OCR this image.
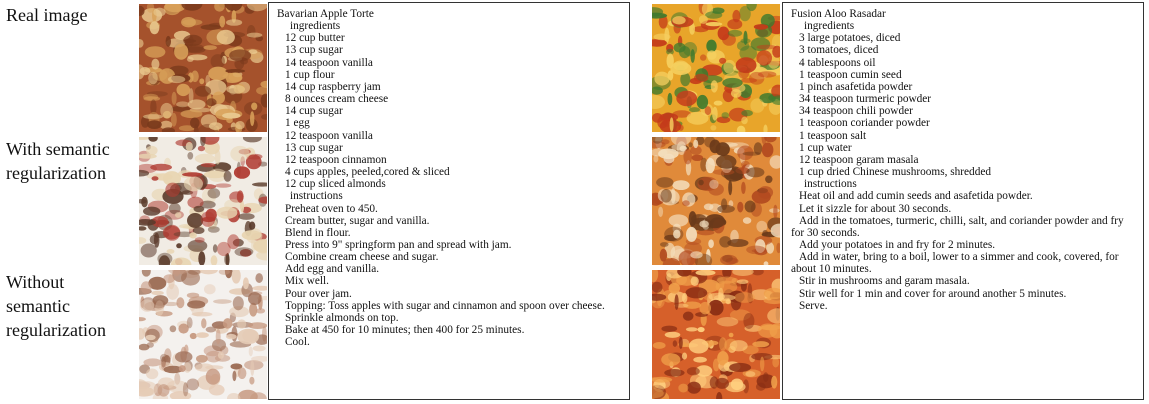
Real image
With semantic
regularization
Without
semantic
regularization
Bavarian Apple Torte
ingredients
12 cup butter
13 cup sugar
14 teaspoon vanilla
1 cup flour
14 cup raspberry jam
8 ounces cream cheese
14 cup sugar
1 egg
12 teaspoon vanilla
13 cup sugar
12 teaspoon cinnamon
4 cups apples, peeled,cored & sliced
12 cup sliced almonds
instructions
Preheat oven to 450.
Cream butter, sugar and vanilla.
Blend in flour.
Press into 9" springform pan and spread with jam.
Combine cream cheese and sugar.
Add egg and vanilla.
Mix well.
Pour over jam.
Topping: Toss apples with sugar and cinnamon and spoon over cheese.
Sprinkle almonds on top.
Bake at 450 for 10 minutes; then 400 for 25 minutes.
Cool.
Fusion Aloo Rasadar
ingredients
3 large potatoes, diced
3 tomatoes, diced
4 tablespoons oil
1 teaspoon cumin seed
1 pinch asafetida powder
34 teaspoon turmeric powder
34 teaspoon chili powder
1 teaspoon coriander powder
1 teaspoon salt
1 cup water
12 teaspoon garam masala
1 cup dried Chinese mushrooms, shredded
instructions
Heat oil and add cumin seeds and asafetida powder.
Let it sizzle for about 30 seconds.
Add in the tomatoes, turmeric, chilli, salt, and coriander powder and fry for 30 seconds.
Add your potatoes in and fry for 2 minutes.
Add in water, bring to a boil, lower to a simmer and cook, covered, for about 10 minutes.
Stir in mushrooms and garam masala.
Stir well for 1 min and cover for around another 5 minutes.
Serve.
